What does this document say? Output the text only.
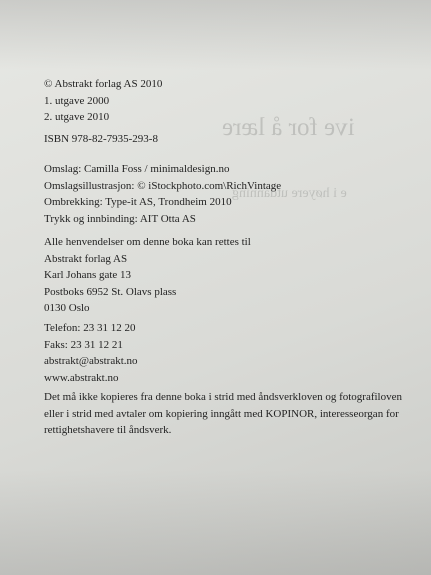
ive for å lære
e i høyere utdanning
© Abstrakt forlag AS 2010
1. utgave 2000
2. utgave 2010
ISBN 978-82-7935-293-8
Omslag: Camilla Foss / minimaldesign.no
Omslagsillustrasjon: © iStockphoto.com\RichVintage
Ombrekking: Type-it AS, Trondheim 2010
Trykk og innbinding: AIT Otta AS
Alle henvendelser om denne boka kan rettes til
Abstrakt forlag AS
Karl Johans gate 13
Postboks 6952 St. Olavs plass
0130 Oslo
Telefon: 23 31 12 20
Faks: 23 31 12 21
abstrakt@abstrakt.no
www.abstrakt.no
Det må ikke kopieres fra denne boka i strid med åndsverkloven og fotografiloven
eller i strid med avtaler om kopiering inngått med KOPINOR, interesseorgan for
rettighetshavere til åndsverk.
